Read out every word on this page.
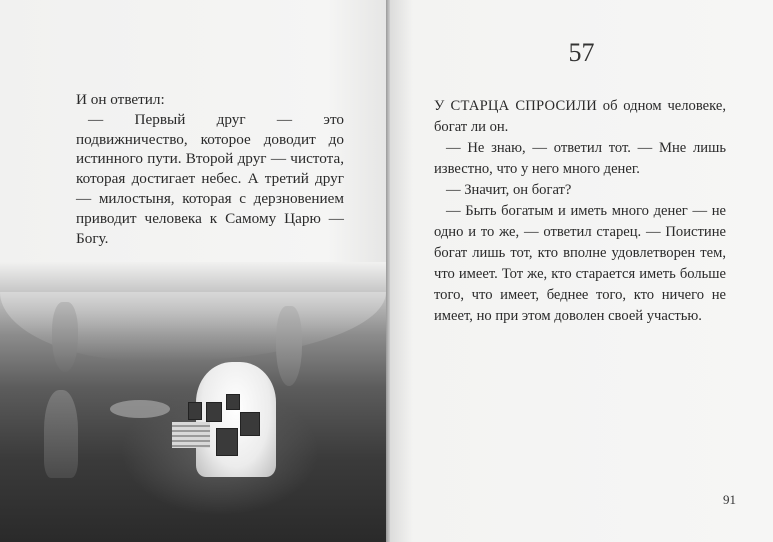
И он ответил:

— Первый друг — это подвижничество, которое доводит до истинного пути. Второй друг — чистота, которая достигает небес. А третий друг — милостыня, которая с дерзновением приводит человека к Самому Царю — Богу.

57

У СТАРЦА СПРОСИЛИ об одном человеке, богат ли он.

— Не знаю, — ответил тот. — Мне лишь известно, что у него много денег.

— Значит, он богат?

— Быть богатым и иметь много денег — не одно и то же, — ответил старец. — Поистине богат лишь тот, кто вполне удовлетворен тем, что имеет. Тот же, кто старается иметь больше того, что имеет, беднее того, кто ничего не имеет, но при этом доволен своей участью.

91
